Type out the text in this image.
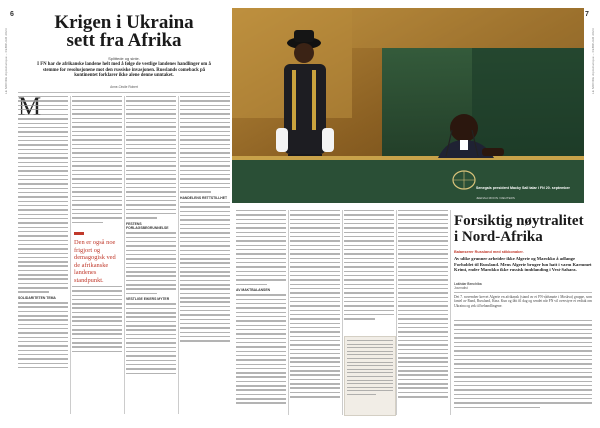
6
LE MONDE diplomatique – FEBRUAR 2023
Krigen i Ukraina
sett fra Afrika
Splittede og sinte.
I FN har de afrikanske landene helt med å følge de vestlige landenes handlinger om å stemme for resolusjonene mot den russiske invasjonen. Russlands comeback på kontinentet forklarer ikke alene denne unntaket.
Anne-Cécile Robert
SOLIDARITETEN TEMA
Den er også noe frigjort og demagogisk ved de afrikanske landenes standpunkt.
FESTENS FORLAGSBEGRUNNELSE
VESTLIGE EIKERS MYTER
HANDELENS RETTSTILLHET
Senegals president Macky Sall talar i FN 20. september
JEENAH MOON / REUTERS
7
LE MONDE diplomatique – FEBRUAR 2023
AV MAKTBALANSEN
Forsiktig nøytralitet
i Nord-Afrika
Balanserer Russland med stikkonaker.
Av ulike grunner arbeider ikke Algerie og Marokko å adlange Forholdet til Russland. Mens Algerie bruger lun hatt i varm Karmmet Krimi, ender Marokko ikke russisk innblanding i Vest-Sahara.
Lakhdar Benchiba
Journalist
Det 7. november krevet Algerie en afrikansk (stand av et FN-rådsmøte i Moskva) gruppe, som fantel av Rand, Russland, Kina. Kun og fått fil dag og sendet når FN vil overstyre et vedtak om Ukraina og ørk til behandlingene.
